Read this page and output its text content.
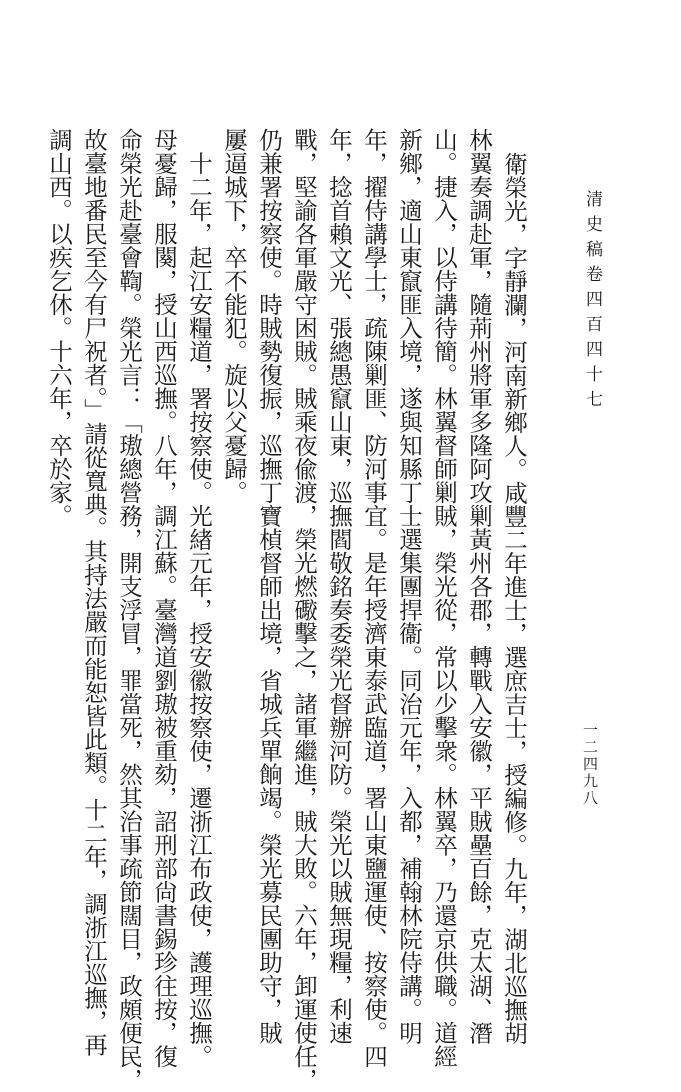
清史稿卷四百四十七
一二四九八
衛榮光，字靜瀾，河南新鄉人。咸豐二年進士，選庶吉士，授編修。九年，湖北巡撫胡
林翼奏調赴軍，隨荊州將軍多隆阿攻剿黃州各郡，轉戰入安徽，平賊壘百餘，克太湖、潛
山。捷入，以侍講待簡。林翼督師剿賊，榮光從，常以少擊衆。林翼卒，乃還京供職。道經
新鄉，適山東竄匪入境，遂與知縣丁士選集團捍衞。同治元年，入都，補翰林院侍講。明
年，擢侍講學士，疏陳剿匪、防河事宜。是年授濟東泰武臨道，署山東鹽運使、按察使。四
年，捻首賴文光、張總愚竄山東，巡撫閻敬銘奏委榮光督辦河防。榮光以賊無現糧，利速
戰，堅諭各軍嚴守困賊。賊乘夜偸渡，榮光燃礮擊之，諸軍繼進，賊大敗。六年，卸運使任，
仍兼署按察使。時賊勢復振，巡撫丁寶楨督師出境，省城兵單餉竭。榮光募民團助守，賊
屢逼城下，卒不能犯。旋以父憂歸。
　十二年，起江安糧道，署按察使。光緖元年，授安徽按察使，遷浙江布政使，護理巡撫。
母憂歸，服闋，授山西巡撫。八年，調江蘇。臺灣道劉璈被重劾，詔刑部尙書錫珍往按，復
命榮光赴臺會鞫。榮光言：「璈總營務，開支浮冒，罪當死，然其治事疏節闊目，政頗便民，
故臺地番民至今有尸祝者。」請從寬典。其持法嚴而能恕皆此類。十二年，調浙江巡撫，再
調山西。以疾乞休。十六年，卒於家。
